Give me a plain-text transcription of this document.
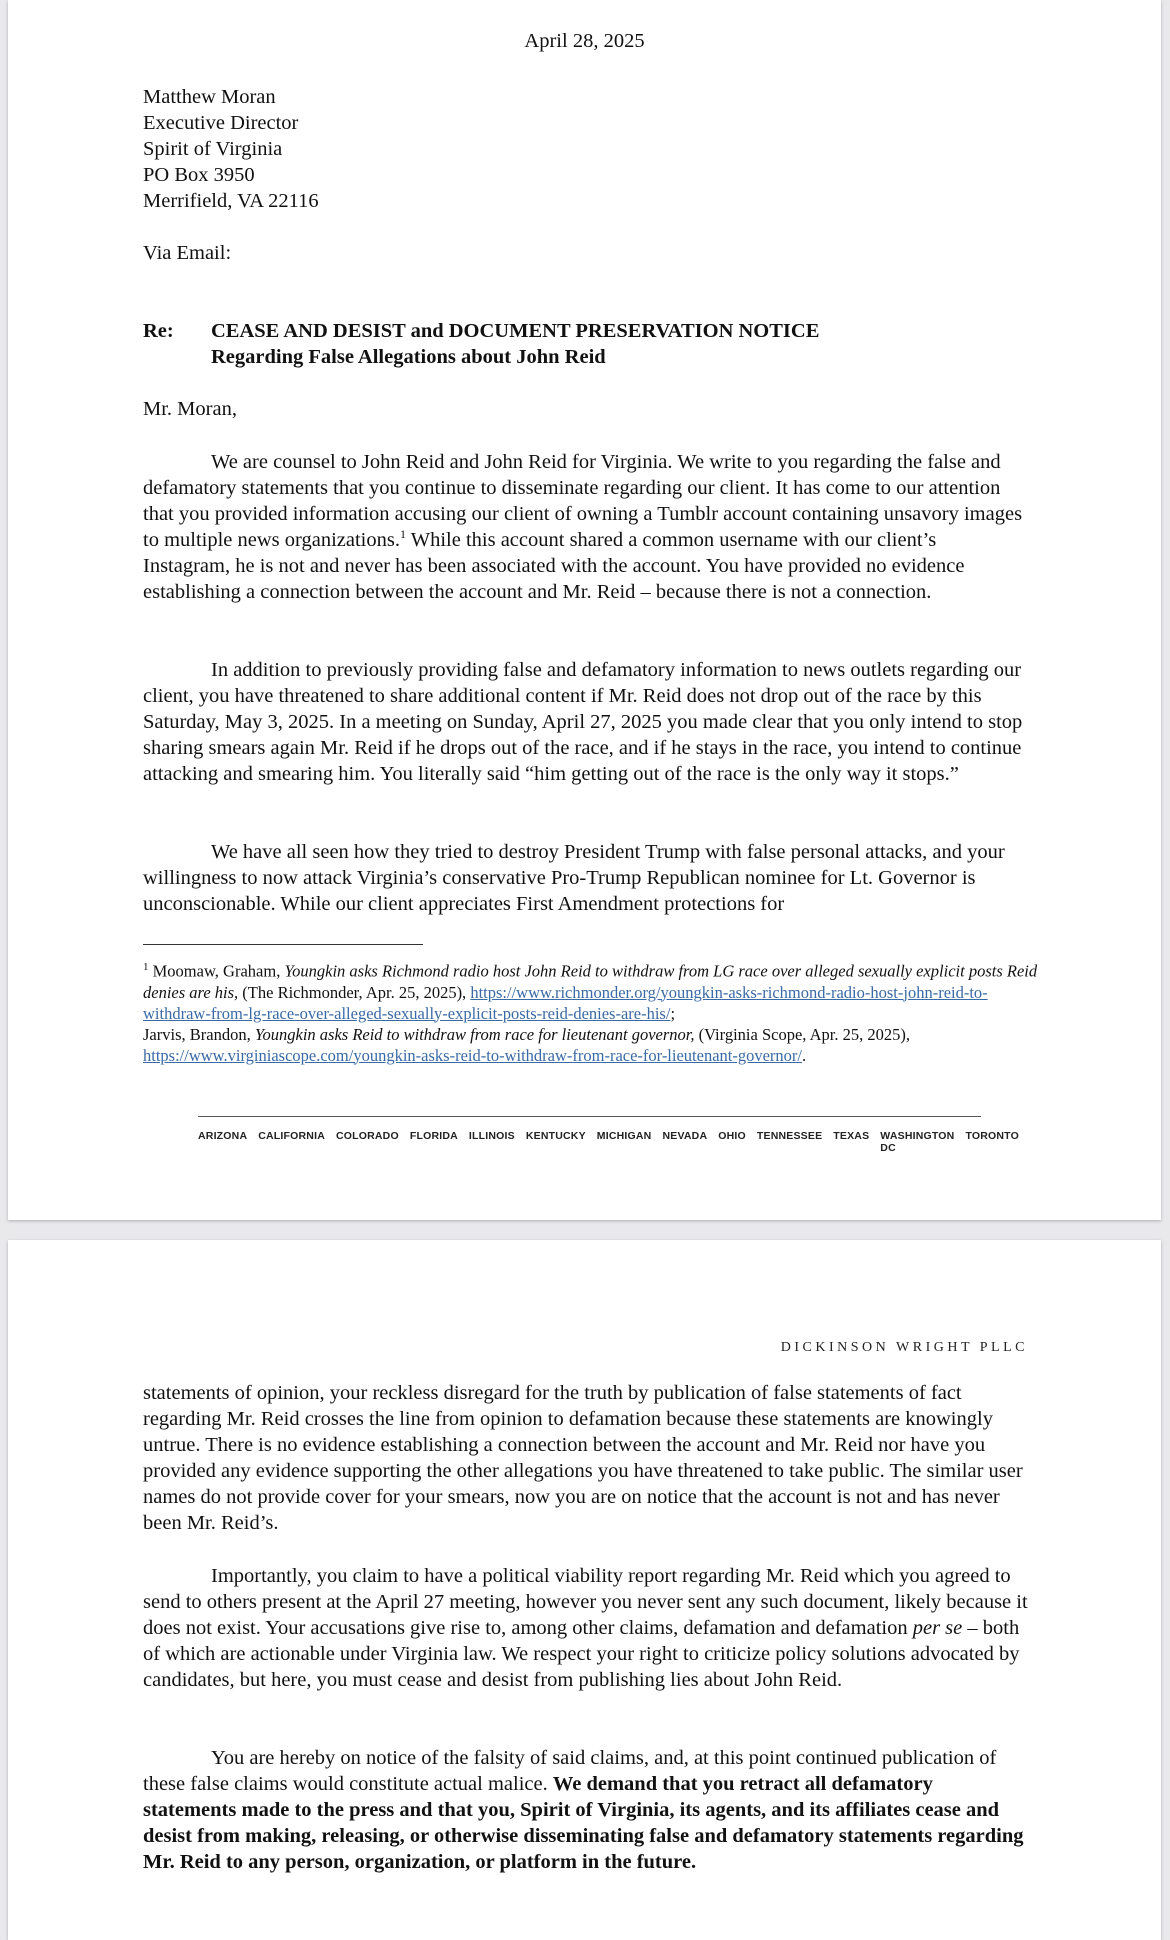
April 28, 2025
Matthew Moran
Executive Director
Spirit of Virginia
PO Box 3950
Merrifield, VA 22116
Via Email:
Re:	CEASE AND DESIST and DOCUMENT PRESERVATION NOTICE
Regarding False Allegations about John Reid
Mr. Moran,

We are counsel to John Reid and John Reid for Virginia. We write to you regarding the false and defamatory statements that you continue to disseminate regarding our client. It has come to our attention that you provided information accusing our client of owning a Tumblr account containing unsavory images to multiple news organizations.$^1$ While this account shared a common username with our client’s Instagram, he is not and never has been associated with the account. You have provided no evidence establishing a connection between the account and Mr. Reid – because there is not a connection.

In addition to previously providing false and defamatory information to news outlets regarding our client, you have threatened to share additional content if Mr. Reid does not drop out of the race by this Saturday, May 3, 2025. In a meeting on Sunday, April 27, 2025 you made clear that you only intend to stop sharing smears again Mr. Reid if he drops out of the race, and if he stays in the race, you intend to continue attacking and smearing him. You literally said “him getting out of the race is the only way it stops.”

We have all seen how they tried to destroy President Trump with false personal attacks, and your willingness to now attack Virginia’s conservative Pro-Trump Republican nominee for Lt. Governor is unconscionable. While our client appreciates First Amendment protections for

$^1$ Moomaw, Graham, Youngkin asks Richmond radio host John Reid to withdraw from LG race over alleged sexually explicit posts Reid denies are his, (The Richmonder, Apr. 25, 2025), https://www.richmonder.org/youngkin-asks-richmond-radio-host-john-reid-to-withdraw-from-lg-race-over-alleged-sexually-explicit-posts-reid-denies-are-his/;
Jarvis, Brandon, Youngkin asks Reid to withdraw from race for lieutenant governor, (Virginia Scope, Apr. 25, 2025), https://www.virginiascope.com/youngkin-asks-reid-to-withdraw-from-race-for-lieutenant-governor/.
ARIZONA CALIFORNIA COLORADO FLORIDA ILLINOIS KENTUCKY MICHIGAN NEVADA OHIO TENNESSEE TEXAS WASHINGTON DC
TORONTO
DICKINSON WRIGHT PLLC

statements of opinion, your reckless disregard for the truth by publication of false statements of fact regarding Mr. Reid crosses the line from opinion to defamation because these statements are knowingly untrue. There is no evidence establishing a connection between the account and Mr. Reid nor have you provided any evidence supporting the other allegations you have threatened to take public. The similar user names do not provide cover for your smears, now you are on notice that the account is not and has never been Mr. Reid’s.

Importantly, you claim to have a political viability report regarding Mr. Reid which you agreed to send to others present at the April 27 meeting, however you never sent any such document, likely because it does not exist. Your accusations give rise to, among other claims, defamation and defamation per se – both of which are actionable under Virginia law. We respect your right to criticize policy solutions advocated by candidates, but here, you must cease and desist from publishing lies about John Reid.

You are hereby on notice of the falsity of said claims, and, at this point continued publication of these false claims would constitute actual malice. We demand that you retract all defamatory statements made to the press and that you, Spirit of Virginia, its agents, and its affiliates cease and desist from making, releasing, or otherwise disseminating false and defamatory statements regarding Mr. Reid to any person, organization, or platform in the future.
